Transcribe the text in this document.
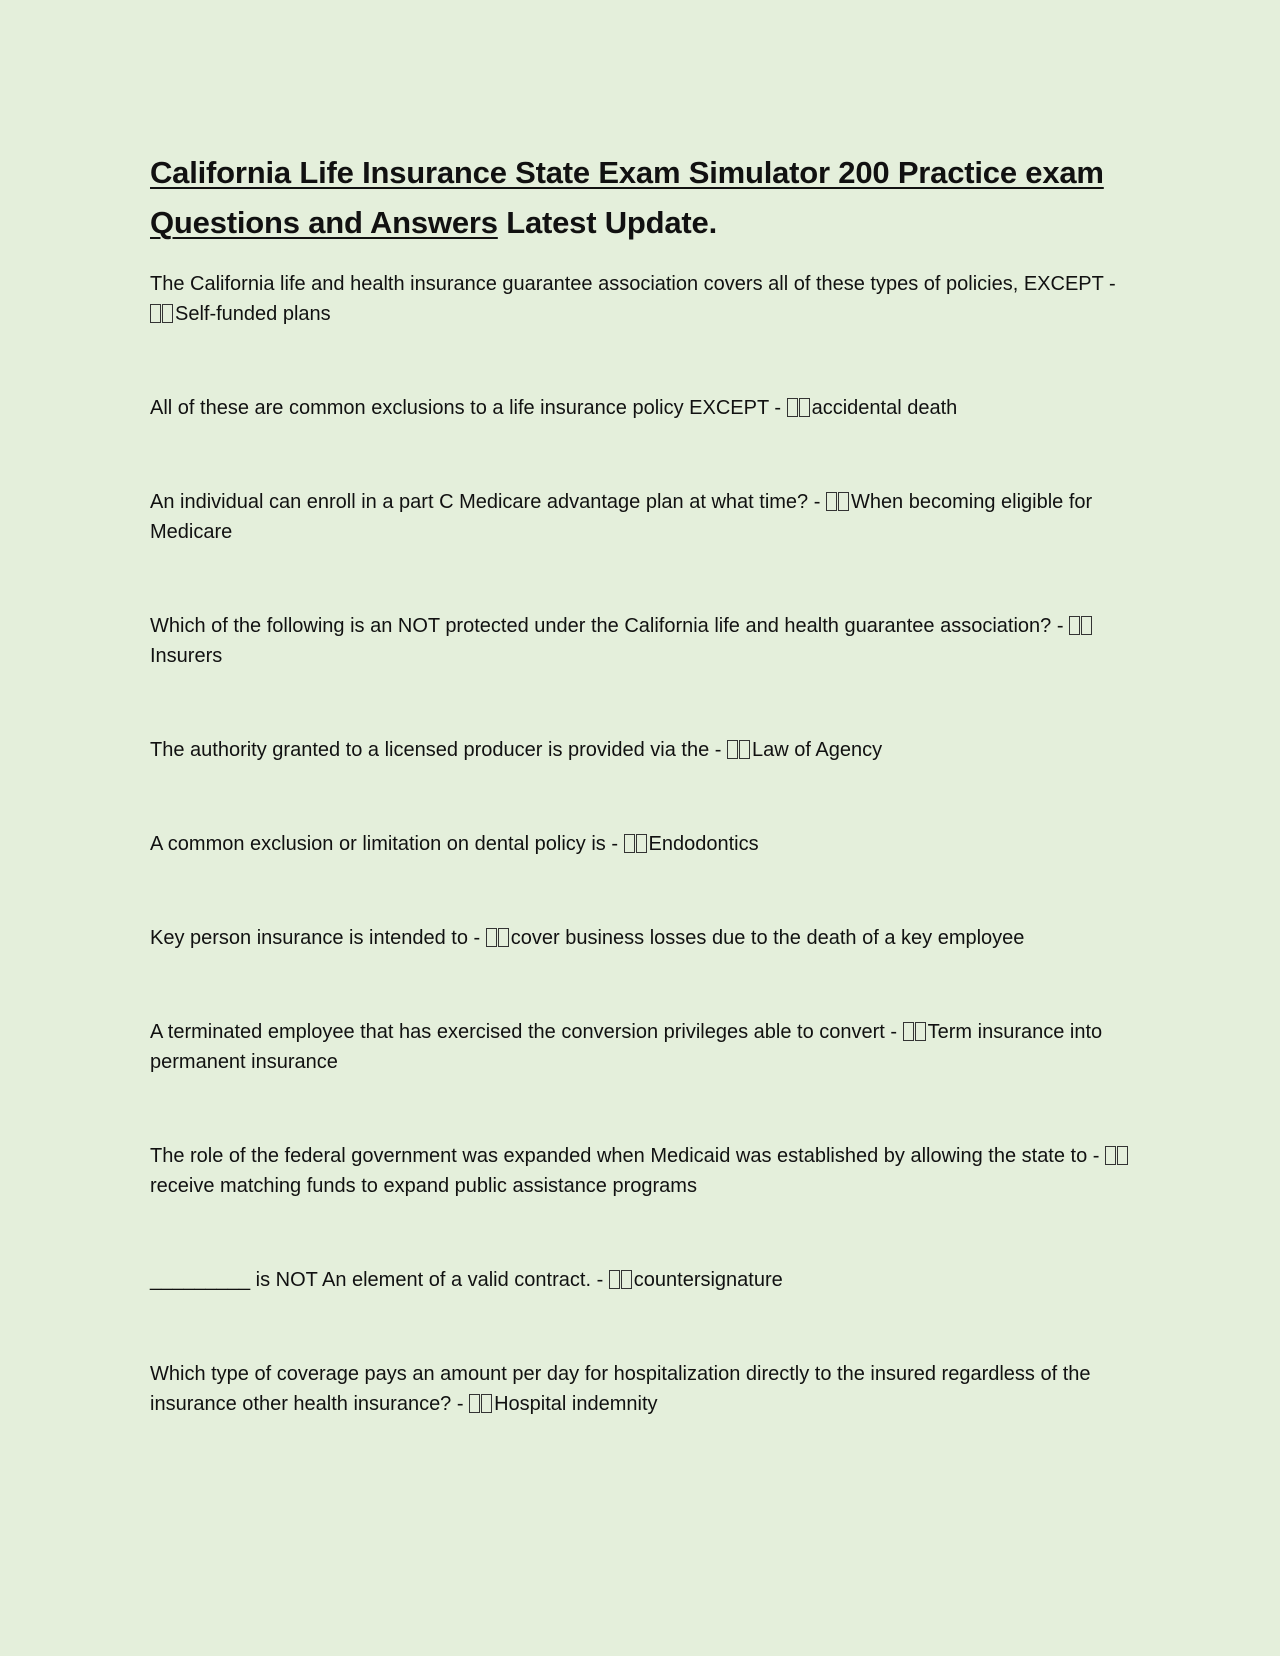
California Life Insurance State Exam Simulator 200 Practice exam Questions and Answers Latest Update.
The California life and health insurance guarantee association covers all of these types of policies, EXCEPT - Self-funded plans
All of these are common exclusions to a life insurance policy EXCEPT - accidental death
An individual can enroll in a part C Medicare advantage plan at what time? - When becoming eligible for Medicare
Which of the following is an NOT protected under the California life and health guarantee association? - Insurers
The authority granted to a licensed producer is provided via the - Law of Agency
A common exclusion or limitation on dental policy is - Endodontics
Key person insurance is intended to - cover business losses due to the death of a key employee
A terminated employee that has exercised the conversion privileges able to convert - Term insurance into permanent insurance
The role of the federal government was expanded when Medicaid was established by allowing the state to - receive matching funds to expand public assistance programs
_________ is NOT An element of a valid contract. - countersignature
Which type of coverage pays an amount per day for hospitalization directly to the insured regardless of the insurance other health insurance? - Hospital indemnity
